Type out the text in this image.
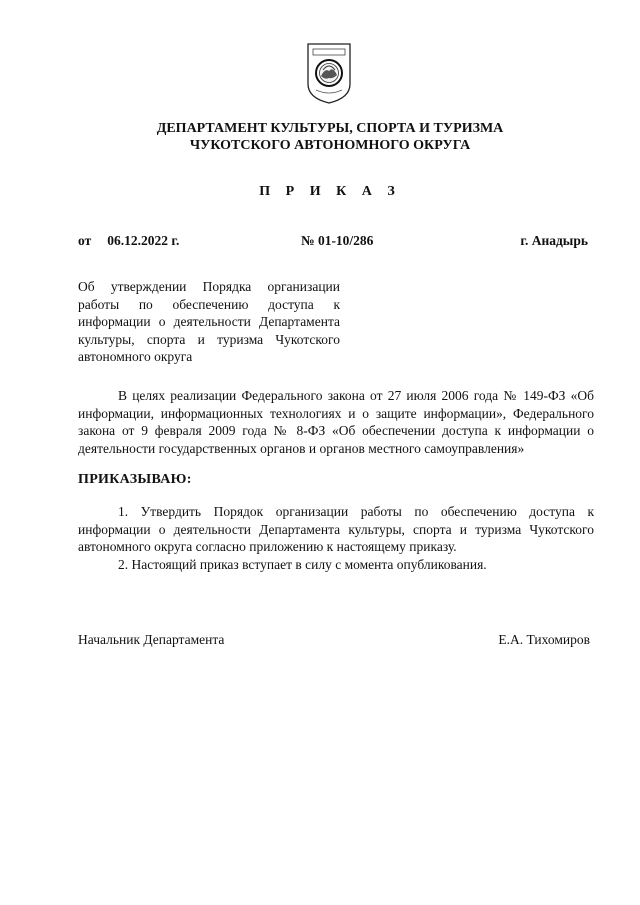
ДЕПАРТАМЕНТ КУЛЬТУРЫ, СПОРТА И ТУРИЗМА
ЧУКОТСКОГО АВТОНОМНОГО ОКРУГА
П Р И К А З
от 06.12.2022 г.	№ 01-10/286	г. Анадырь
Об утверждении Порядка организации работы по обеспечению доступа к информации о деятельности Департамента культуры, спорта и туризма Чукотского автономного округа

В целях реализации Федерального закона от 27 июля 2006 года № 149-ФЗ «Об информации, информационных технологиях и о защите информации», Федерального закона от 9 февраля 2009 года № 8-ФЗ «Об обеспечении доступа к информации о деятельности государственных органов и органов местного самоуправления»

ПРИКАЗЫВАЮ:

1. Утвердить Порядок организации работы по обеспечению доступа к информации о деятельности Департамента культуры, спорта и туризма Чукотского автономного округа согласно приложению к настоящему приказу.

2. Настоящий приказ вступает в силу с момента опубликования.

Начальник Департамента	Е.А. Тихомиров
